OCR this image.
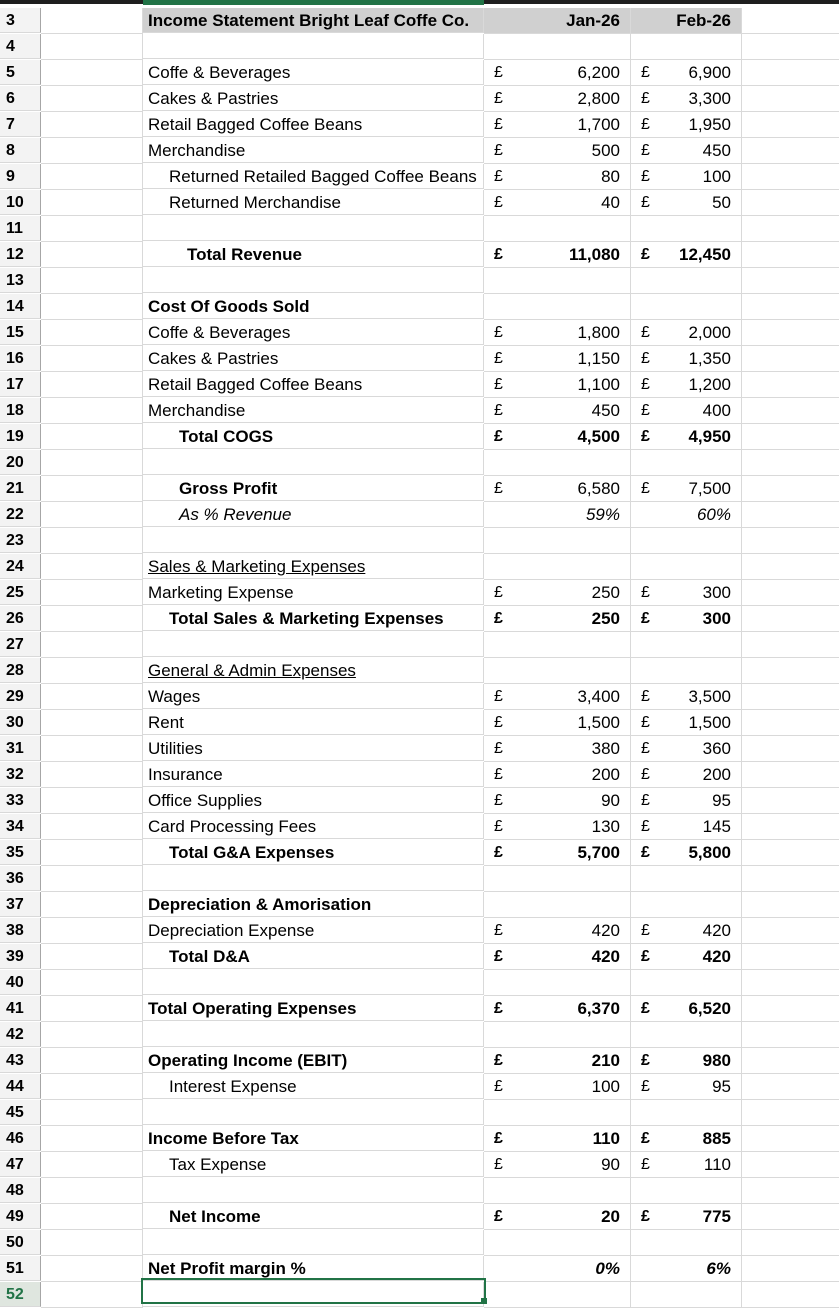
3	Income Statement Bright Leaf Coffe Co.	Jan-26	Feb-26
4
5	Coffe & Beverages	£	6,200 £ 6,900
6	Cakes & Pastries	£	2,800 £ 3,300
7	Retail Bagged Coffee Beans	£	1,700 £ 1,950
8	Merchandise	£	500 £	450
9	Returned Retailed Bagged Coffee Beans	£	80 £	100
10	Returned Merchandise	£	40 £	50
11
12	Total Revenue	£	11,080 £ 12,450
13
14	Cost Of Goods Sold
15	Coffe & Beverages	£	1,800 £ 2,000
16	Cakes & Pastries	£	1,150 £ 1,350
17	Retail Bagged Coffee Beans	£	1,100 £ 1,200
18	Merchandise	£	450 £	400
19	Total COGS	£	4,500 £ 4,950
20
21	Gross Profit	£	6,580 £ 7,500
22	As % Revenue	59%	60%
23
24	Sales & Marketing Expenses
25	Marketing Expense	£	250 £	300
26	Total Sales & Marketing Expenses	£	250 £	300
27
28	General & Admin Expenses
29	Wages	£	3,400 £ 3,500
30	Rent	£	1,500 £ 1,500
31	Utilities	£	380 £	360
32	Insurance	£	200 £	200
33	Office Supplies	£	90 £	95
34	Card Processing Fees	£	130 £	145
35	Total G&A Expenses	£	5,700 £ 5,800
36
37	Depreciation & Amorisation
38	Depreciation Expense	£	420 £	420
39	Total D&A	£	420 £	420
40
41	Total Operating Expenses	£	6,370 £ 6,520
42
43	Operating Income (EBIT)	£	210 £	980
44	Interest Expense	£	100 £	95
45
46	Income Before Tax	£	110 £	885
47	Tax Expense	£	90 £	110
48
49	Net Income	£	20 £	775
50
51	Net Profit margin %	0%	6%
52
